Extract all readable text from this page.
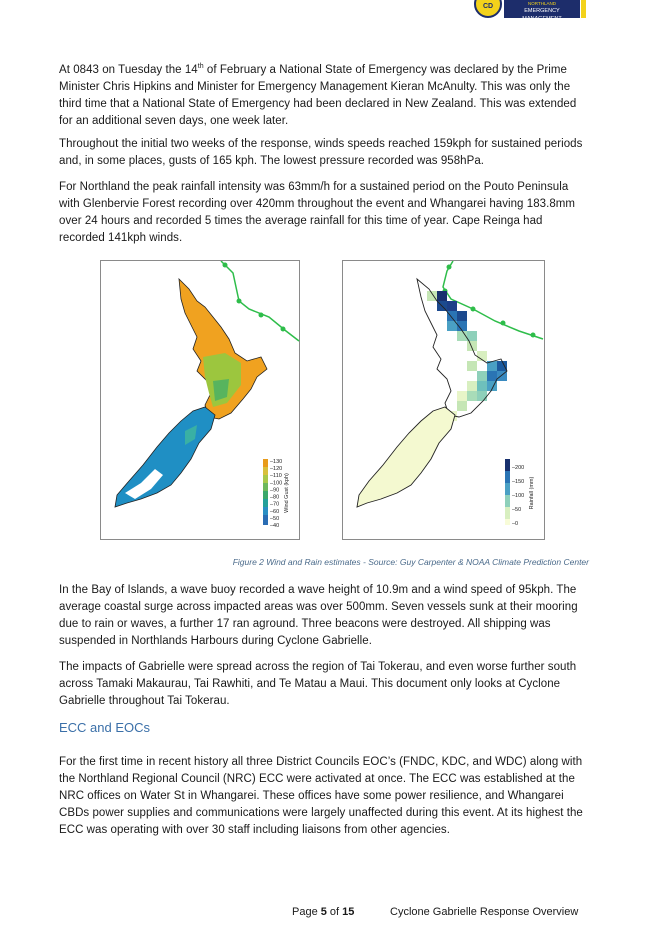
CD	NORTHLAND
EMERGENCY MANAGEMENT

At 0843 on Tuesday the 14th of February a National State of Emergency was declared by the Prime Minister Chris Hipkins and Minister for Emergency Management Kieran McAnulty. This was only the third time that a National State of Emergency had been declared in New Zealand. This was extended for an additional seven days, one week later.

Throughout the initial two weeks of the response, winds speeds reached 159kph for sustained periods and, in some places, gusts of 165 kph. The lowest pressure recorded was 958hPa.

For Northland the peak rainfall intensity was 63mm/h for a sustained period on the Pouto Peninsula with Glenbervie Forest recording over 420mm throughout the event and Whangarei having 183.8mm over 24 hours and recorded 5 times the average rainfall for this time of year. Cape Reinga had recorded 141kph winds.

–130
–120
–110
–100
–90
–80
–70
–60
–50
–40
Wind Gust (kph)
–200
–150
–100
–50
–0
Rainfall (mm)

Figure 2 Wind and Rain estimates - Source: Guy Carpenter & NOAA Climate Prediction Center

In the Bay of Islands, a wave buoy recorded a wave height of 10.9m and a wind speed of 95kph. The average coastal surge across impacted areas was over 500mm. Seven vessels sunk at their mooring due to rain or waves, a further 17 ran aground. Three beacons were destroyed. All shipping was suspended in Northlands Harbours during Cyclone Gabrielle.

The impacts of Gabrielle were spread across the region of Tai Tokerau, and even worse further south across Tamaki Makaurau, Tai Rawhiti, and Te Matau a Maui. This document only looks at Cyclone Gabrielle throughout Tai Tokerau.

ECC and EOCs

For the first time in recent history all three District Councils EOC’s (FNDC, KDC, and WDC) along with the Northland Regional Council (NRC) ECC were activated at once. The ECC was established at the NRC offices on Water St in Whangarei. These offices have some power resilience, and Whangarei CBDs power supplies and communications were largely unaffected during this event. At its highest the ECC was operating with over 30 staff including liaisons from other agencies.

Page 5 of 15	Cyclone Gabrielle Response Overview
